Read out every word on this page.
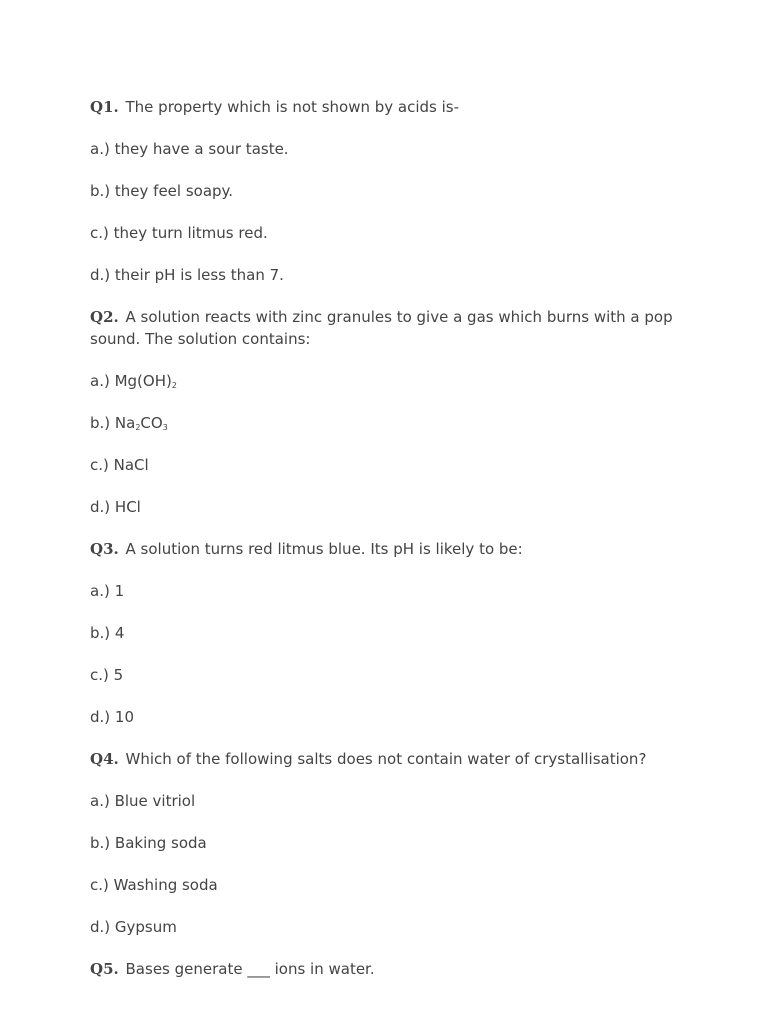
Q1. The property which is not shown by acids is-

a.) they have a sour taste.

b.) they feel soapy.

c.) they turn litmus red.

d.) their pH is less than 7.

Q2. A solution reacts with zinc granules to give a gas which burns with a pop sound. The solution contains:

a.) $Mg(OH)_2$

b.) $Na_2CO_3$

c.) NaCl

d.) HCl

Q3. A solution turns red litmus blue. Its pH is likely to be:

a.) 1

b.) 4

c.) 5

d.) 10

Q4. Which of the following salts does not contain water of crystallisation?

a.) Blue vitriol

b.) Baking soda

c.) Washing soda

d.) Gypsum

Q5. Bases generate ___ ions in water.
